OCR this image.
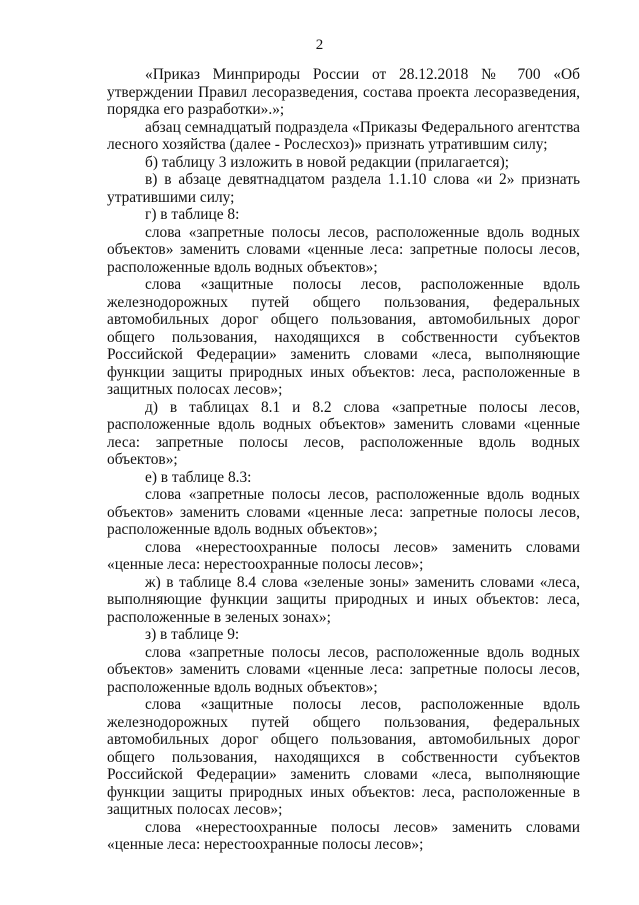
2

«Приказ Минприроды России от 28.12.2018 № 700 «Об утверждении Правил лесоразведения, состава проекта лесоразведения, порядка его разработки».»;

абзац семнадцатый подраздела «Приказы Федерального агентства лесного хозяйства (далее - Рослесхоз)» признать утратившим силу;

б) таблицу 3 изложить в новой редакции (прилагается);

в) в абзаце девятнадцатом раздела 1.1.10 слова «и 2» признать утратившими силу;

г) в таблице 8:

слова «запретные полосы лесов, расположенные вдоль водных объектов» заменить словами «ценные леса: запретные полосы лесов, расположенные вдоль водных объектов»;

слова «защитные полосы лесов, расположенные вдоль железнодорожных путей общего пользования, федеральных автомобильных дорог общего пользования, автомобильных дорог общего пользования, находящихся в собственности субъектов Российской Федерации» заменить словами «леса, выполняющие функции защиты природных иных объектов: леса, расположенные в защитных полосах лесов»;

д) в таблицах 8.1 и 8.2 слова «запретные полосы лесов, расположенные вдоль водных объектов» заменить словами «ценные леса: запретные полосы лесов, расположенные вдоль водных объектов»;

е) в таблице 8.3:

слова «запретные полосы лесов, расположенные вдоль водных объектов» заменить словами «ценные леса: запретные полосы лесов, расположенные вдоль водных объектов»;

слова «нерестоохранные полосы лесов» заменить словами «ценные леса: нерестоохранные полосы лесов»;

ж) в таблице 8.4 слова «зеленые зоны» заменить словами «леса, выполняющие функции защиты природных и иных объектов: леса, расположенные в зеленых зонах»;

з) в таблице 9:

слова «запретные полосы лесов, расположенные вдоль водных объектов» заменить словами «ценные леса: запретные полосы лесов, расположенные вдоль водных объектов»;

слова «защитные полосы лесов, расположенные вдоль железнодорожных путей общего пользования, федеральных автомобильных дорог общего пользования, автомобильных дорог общего пользования, находящихся в собственности субъектов Российской Федерации» заменить словами «леса, выполняющие функции защиты природных иных объектов: леса, расположенные в защитных полосах лесов»;

слова «нерестоохранные полосы лесов» заменить словами «ценные леса: нерестоохранные полосы лесов»;
